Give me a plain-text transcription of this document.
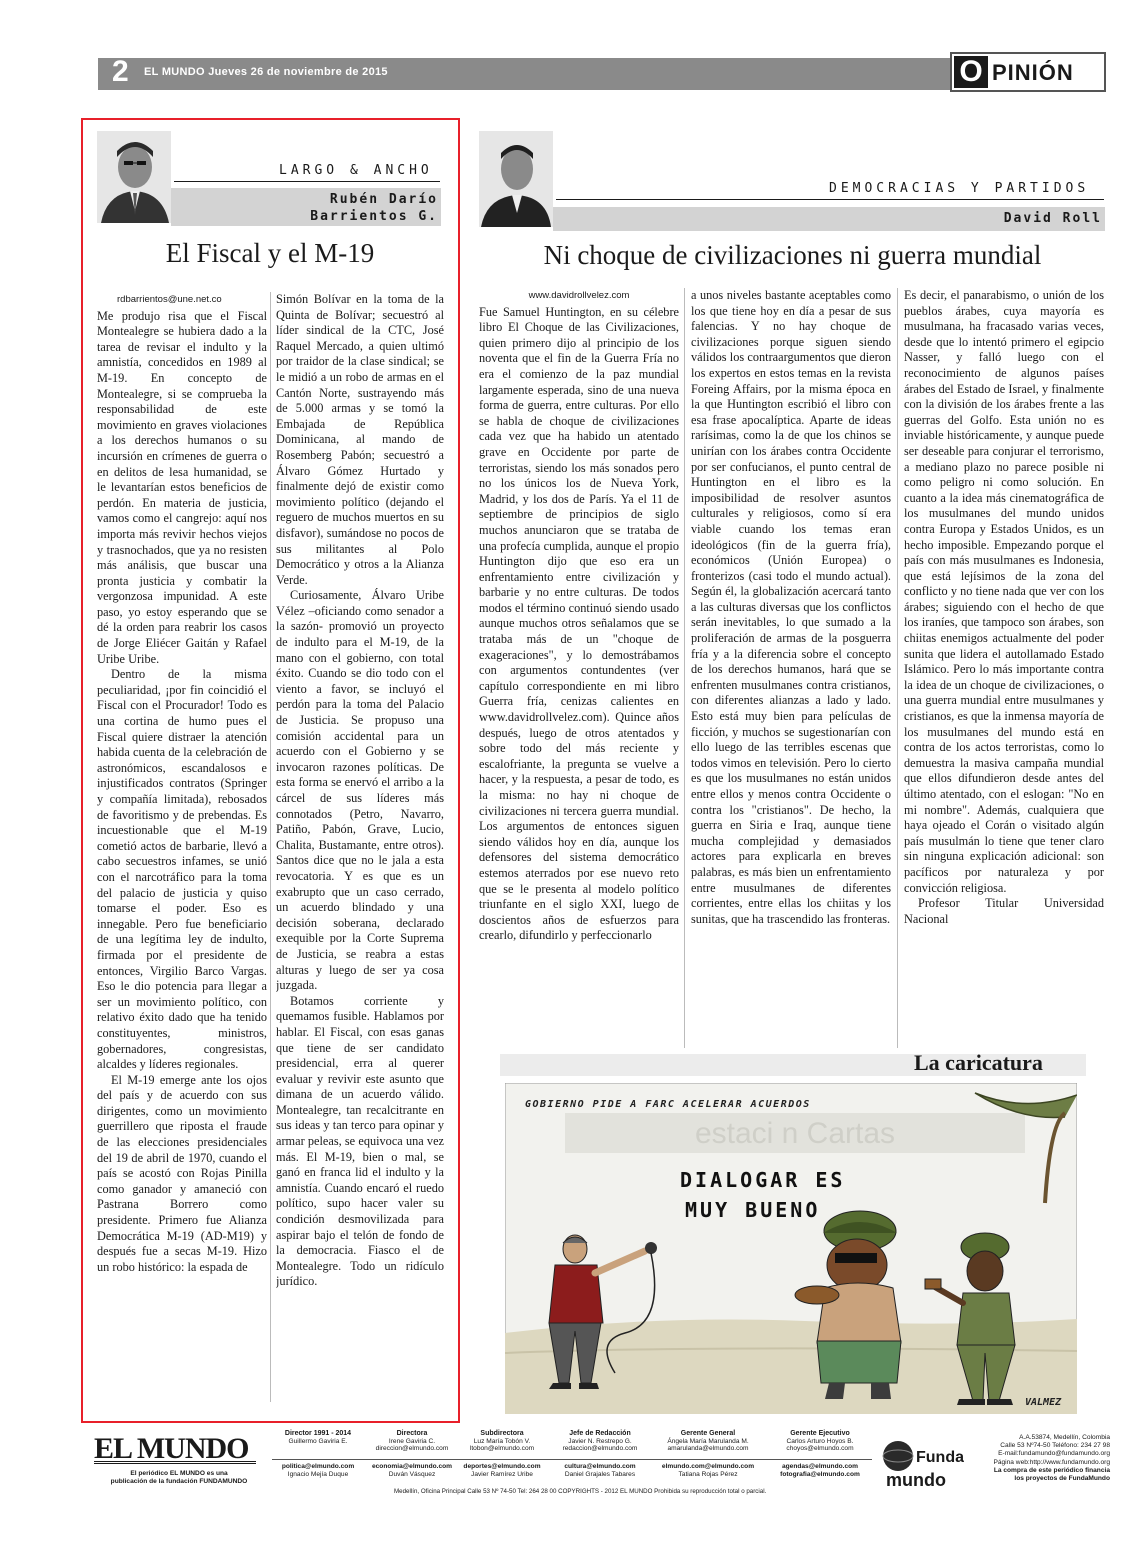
2 EL MUNDO Jueves 26 de noviembre de 2015	O PINIÓN
LARGO & ANCHO
Rubén Darío
Barrientos G.
El Fiscal y el M-19
rdbarrientos@une.net.co

Me produjo risa que el Fiscal Montealegre se hubiera dado a la tarea de revisar el indulto y la amnistía, concedidos en 1989 al M-19. En concepto de Montealegre, si se comprueba la responsabilidad de este movimiento en graves violaciones a los derechos humanos o su incursión en crímenes de guerra o en delitos de lesa humanidad, se le levantarían estos beneficios de perdón. En materia de justicia, vamos como el cangrejo: aquí nos importa más revivir hechos viejos y trasnochados, que ya no resisten más análisis, que buscar una pronta justicia y combatir la vergonzosa impunidad. A este paso, yo estoy esperando que se dé la orden para reabrir los casos de Jorge Eliécer Gaitán y Rafael Uribe Uribe.

Dentro de la misma peculiaridad, ¡por fin coincidió el Fiscal con el Procurador! Todo es una cortina de humo pues el Fiscal quiere distraer la atención habida cuenta de la celebración de astronómicos, escandalosos e injustificados contratos (Springer y compañía limitada), rebosados de favoritismo y de prebendas. Es incuestionable que el M-19 cometió actos de barbarie, llevó a cabo secuestros infames, se unió con el narcotráfico para la toma del palacio de justicia y quiso tomarse el poder. Eso es innegable. Pero fue beneficiario de una legítima ley de indulto, firmada por el presidente de entonces, Virgilio Barco Vargas. Eso le dio potencia para llegar a ser un movimiento político, con relativo éxito dado que ha tenido constituyentes, ministros, gobernadores, congresistas, alcaldes y líderes regionales.

El M-19 emerge ante los ojos del país y de acuerdo con sus dirigentes, como un movimiento guerrillero que riposta el fraude de las elecciones presidenciales del 19 de abril de 1970, cuando el país se acostó con Rojas Pinilla como ganador y amaneció con Pastrana Borrero como presidente. Primero fue Alianza Democrática M-19 (AD-M19) y después fue a secas M-19. Hizo un robo histórico: la espada de

Simón Bolívar en la toma de la Quinta de Bolívar; secuestró al líder sindical de la CTC, José Raquel Mercado, a quien ultimó por traidor de la clase sindical; se le midió a un robo de armas en el Cantón Norte, sustrayendo más de 5.000 armas y se tomó la Embajada de República Dominicana, al mando de Rosemberg Pabón; secuestró a Álvaro Gómez Hurtado y finalmente dejó de existir como movimiento político (dejando el reguero de muchos muertos en su disfavor), sumándose no pocos de sus militantes al Polo Democrático y otros a la Alianza Verde.

Curiosamente, Álvaro Uribe Vélez –oficiando como senador a la sazón- promovió un proyecto de indulto para el M-19, de la mano con el gobierno, con total éxito. Cuando se dio todo con el viento a favor, se incluyó el perdón para la toma del Palacio de Justicia. Se propuso una comisión accidental para un acuerdo con el Gobierno y se invocaron razones políticas. De esta forma se enervó el arribo a la cárcel de sus líderes más connotados (Petro, Navarro, Patiño, Pabón, Grave, Lucio, Chalita, Bustamante, entre otros). Santos dice que no le jala a esta revocatoria. Y es que es un exabrupto que un caso cerrado, un acuerdo blindado y una decisión soberana, declarado exequible por la Corte Suprema de Justicia, se reabra a estas alturas y luego de ser ya cosa juzgada.

Botamos corriente y quemamos fusible. Hablamos por hablar. El Fiscal, con esas ganas que tiene de ser candidato presidencial, erra al querer evaluar y revivir este asunto que dimana de un acuerdo válido. Montealegre, tan recalcitrante en sus ideas y tan terco para opinar y armar peleas, se equivoca una vez más. El M-19, bien o mal, se ganó en franca lid el indulto y la amnistía. Cuando encaró el ruedo político, supo hacer valer su condición desmovilizada para aspirar bajo el telón de fondo de la democracia. Fiasco el de Montealegre. Todo un ridículo jurídico.

DEMOCRACIAS Y PARTIDOS
David Roll
Ni choque de civilizaciones ni guerra mundial
www.davidrollvelez.com

Fue Samuel Huntington, en su célebre libro El Choque de las Civilizaciones, quien primero dijo al principio de los noventa que el fin de la Guerra Fría no era el comienzo de la paz mundial largamente esperada, sino de una nueva forma de guerra, entre culturas. Por ello se habla de choque de civilizaciones cada vez que ha habido un atentado grave en Occidente por parte de terroristas, siendo los más sonados pero no los únicos los de Nueva York, Madrid, y los dos de París. Ya el 11 de septiembre de principios de siglo muchos anunciaron que se trataba de una profecía cumplida, aunque el propio Huntington dijo que eso era un enfrentamiento entre civilización y barbarie y no entre culturas. De todos modos el término continuó siendo usado aunque muchos otros señalamos que se trataba más de un "choque de exageraciones", y lo demostrábamos con argumentos contundentes (ver capítulo correspondiente en mi libro Guerra fría, cenizas calientes en www.davidrollvelez.com). Quince años después, luego de otros atentados y sobre todo del más reciente y escalofriante, la pregunta se vuelve a hacer, y la respuesta, a pesar de todo, es la misma: no hay ni choque de civilizaciones ni tercera guerra mundial. Los argumentos de entonces siguen siendo válidos hoy en día, aunque los defensores del sistema democrático estemos aterrados por ese nuevo reto que se le presenta al modelo político triunfante en el siglo XXI, luego de doscientos años de esfuerzos para crearlo, difundirlo y perfeccionarlo

a unos niveles bastante aceptables como los que tiene hoy en día a pesar de sus falencias. Y no hay choque de civilizaciones porque siguen siendo válidos los contraargumentos que dieron los expertos en estos temas en la revista Foreing Affairs, por la misma época en la que Huntington escribió el libro con esa frase apocalíptica. Aparte de ideas rarísimas, como la de que los chinos se unirían con los árabes contra Occidente por ser confucianos, el punto central de Huntington en el libro es la imposibilidad de resolver asuntos culturales y religiosos, como sí era viable cuando los temas eran ideológicos (fin de la guerra fría), económicos (Unión Europea) o fronterizos (casi todo el mundo actual). Según él, la globalización acercará tanto a las culturas diversas que los conflictos serán inevitables, lo que sumado a la proliferación de armas de la posguerra fría y a la diferencia sobre el concepto de los derechos humanos, hará que se enfrenten musulmanes contra cristianos, con diferentes alianzas a lado y lado. Esto está muy bien para películas de ficción, y muchos se sugestionarían con ello luego de las terribles escenas que todos vimos en televisión. Pero lo cierto es que los musulmanes no están unidos entre ellos y menos contra Occidente o contra los "cristianos". De hecho, la guerra en Siria e Iraq, aunque tiene mucha complejidad y demasiados actores para explicarla en breves palabras, es más bien un enfrentamiento entre musulmanes de diferentes corrientes, entre ellas los chiitas y los sunitas, que ha trascendido las fronteras.

Es decir, el panarabismo, o unión de los pueblos árabes, cuya mayoría es musulmana, ha fracasado varias veces, desde que lo intentó primero el egipcio Nasser, y falló luego con el reconocimiento de algunos países árabes del Estado de Israel, y finalmente con la división de los árabes frente a las guerras del Golfo. Esta unión no es inviable históricamente, y aunque puede ser deseable para conjurar el terrorismo, a mediano plazo no parece posible ni como peligro ni como solución. En cuanto a la idea más cinematográfica de los musulmanes del mundo unidos contra Europa y Estados Unidos, es un hecho imposible. Empezando porque el país con más musulmanes es Indonesia, que está lejísimos de la zona del conflicto y no tiene nada que ver con los árabes; siguiendo con el hecho de que los iraníes, que tampoco son árabes, son chiitas enemigos actualmente del poder sunita que lidera el autollamado Estado Islámico. Pero lo más importante contra la idea de un choque de civilizaciones, o una guerra mundial entre musulmanes y cristianos, es que la inmensa mayoría de los musulmanes del mundo está en contra de los actos terroristas, como lo demuestra la masiva campaña mundial que ellos difundieron desde antes del último atentado, con el eslogan: "No en mi nombre". Además, cualquiera que haya ojeado el Corán o visitado algún país musulmán lo tiene que tener claro sin ninguna explicación adicional: son pacíficos por naturaleza y por convicción religiosa.

Profesor Titular Universidad Nacional

La caricatura
estaci n Cartas
GOBIERNO PIDE A FARC ACELERAR ACUERDOS
DIALOGAR ES
MUY BUENO
VALMEZ
EL MUNDO
El periódico EL MUNDO es una
publicación de la fundación FUNDAMUNDO
Director 1991 - 2014
Guillermo Gaviria E.
Directora
Irene Gaviria C.
direccion@elmundo.com
Subdirectora
Luz María Tobón V.
ltobon@elmundo.com
Jefe de Redacción
Javier N. Restrepo G.
redaccion@elmundo.com
Gerente General
Ángela María Marulanda M.
amarulanda@elmundo.com
Gerente Ejecutivo
Carlos Arturo Hoyos B.
choyos@elmundo.com
politica@elmundo.com
Ignacio Mejía Duque
economia@elmundo.com
Duván Vásquez
deportes@elmundo.com
Javier Ramírez Uribe
cultura@elmundo.com
Daniel Grajales Tabares
elmundo.com@elmundo.com
Tatiana Rojas Pérez
agendas@elmundo.com
fotografia@elmundo.com
Medellín, Oficina Principal Calle 53 Nº 74-50 Tel: 264 28 00 COPYRIGHTS - 2012 EL MUNDO Prohibida su reproducción total o parcial.
Funda
mundo
A.A.53874, Medellín, Colombia
Calle 53 Nº74-50 Teléfono: 234 27 98
E-mail:fundamundo@fundamundo.org
Página web:http://www.fundamundo.org
La compra de este periódico financia
los proyectos de FundaMundo
